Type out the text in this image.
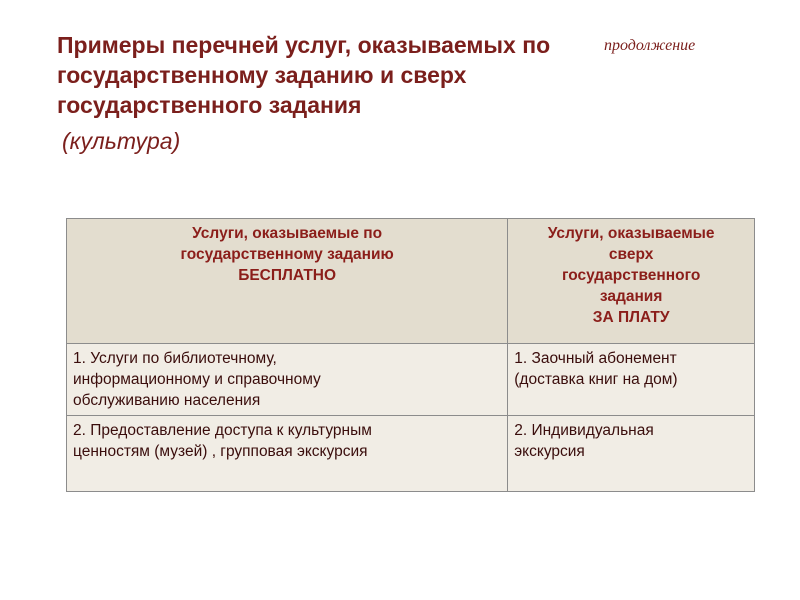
Примеры перечней услуг, оказываемых по
государственному заданию и сверх
государственного задания
(культура)
продолжение
Услуги, оказываемые по
государственному заданию
БЕСПЛАТНО	Услуги, оказываемые
сверх
государственного
задания
ЗА ПЛАТУ

1. Услуги по библиотечному,
информационному и справочному
обслуживанию населения	1. Заочный абонемент
(доставка книг на дом)

2. Предоставление доступа к культурным
ценностям (музей) , групповая экскурсия	2. Индивидуальная
экскурсия
